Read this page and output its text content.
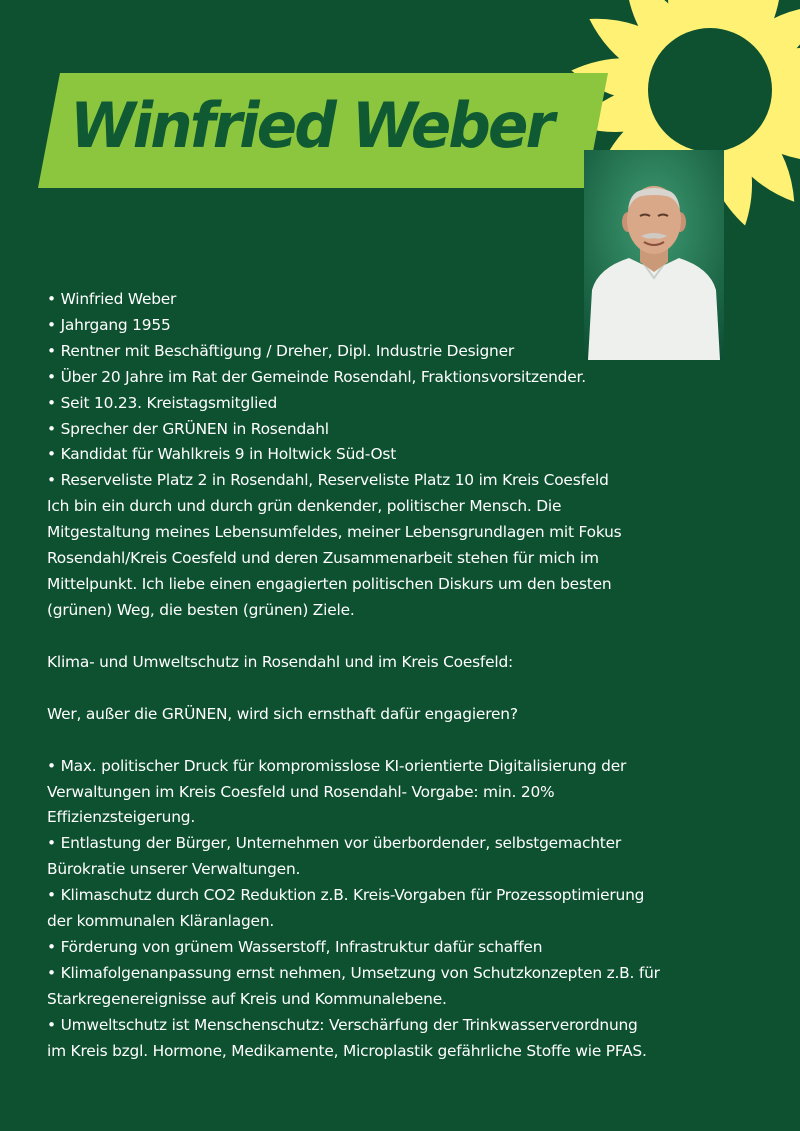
Winfried Weber

• Winfried Weber

• Jahrgang 1955

• Rentner mit Beschäftigung / Dreher, Dipl. Industrie Designer

• Über 20 Jahre im Rat der Gemeinde Rosendahl, Fraktionsvorsitzender.

• Seit 10.23. Kreistagsmitglied

• Sprecher der GRÜNEN in Rosendahl

• Kandidat für Wahlkreis 9 in Holtwick Süd-Ost

• Reserveliste Platz 2 in Rosendahl, Reserveliste Platz 10 im Kreis Coesfeld

Ich bin ein durch und durch grün denkender, politischer Mensch. Die

Mitgestaltung meines Lebensumfeldes, meiner Lebensgrundlagen mit Fokus

Rosendahl/Kreis Coesfeld und deren Zusammenarbeit stehen für mich im

Mittelpunkt. Ich liebe einen engagierten politischen Diskurs um den besten

(grünen) Weg, die besten (grünen) Ziele.

Klima- und Umweltschutz in Rosendahl und im Kreis Coesfeld:

Wer, außer die GRÜNEN, wird sich ernsthaft dafür engagieren?

• Max. politischer Druck für kompromisslose KI-orientierte Digitalisierung der

Verwaltungen im Kreis Coesfeld und Rosendahl- Vorgabe: min. 20%

Effizienzsteigerung.

• Entlastung der Bürger, Unternehmen vor überbordender, selbstgemachter

Bürokratie unserer Verwaltungen.

• Klimaschutz durch CO2 Reduktion z.B. Kreis-Vorgaben für Prozessoptimierung

der kommunalen Kläranlagen.

• Förderung von grünem Wasserstoff, Infrastruktur dafür schaffen

• Klimafolgenanpassung ernst nehmen, Umsetzung von Schutzkonzepten z.B. für

Starkregenereignisse auf Kreis und Kommunalebene.

• Umweltschutz ist Menschenschutz: Verschärfung der Trinkwasserverordnung

im Kreis bzgl. Hormone, Medikamente, Microplastik gefährliche Stoffe wie PFAS.
